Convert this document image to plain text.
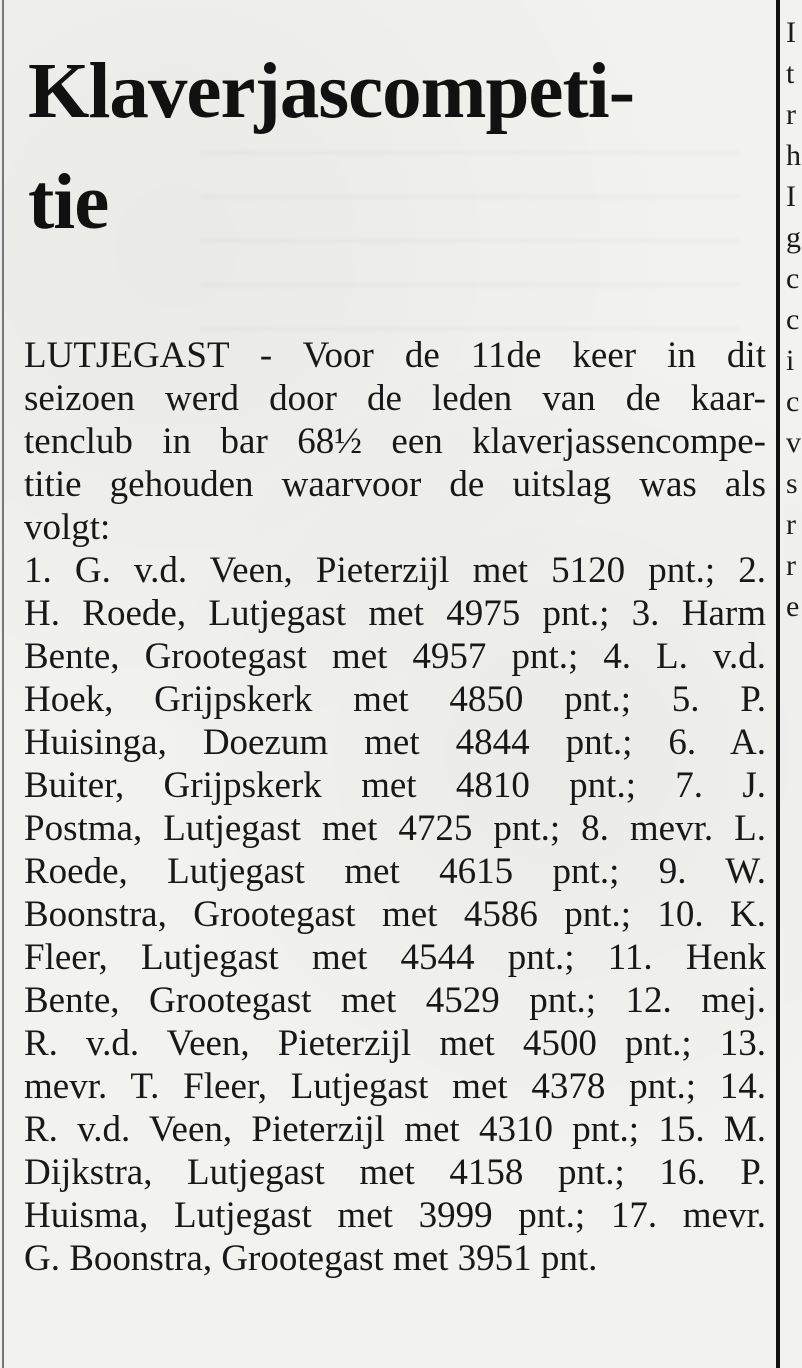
Klaverjascompeti-
tie
LUTJEGAST - Voor de 11de keer in dit
seizoen werd door de leden van de kaar-
tenclub in bar 68½ een klaverjassencompe-
titie gehouden waarvoor de uitslag was als
volgt:
1. G. v.d. Veen, Pieterzijl met 5120 pnt.; 2.
H. Roede, Lutjegast met 4975 pnt.; 3. Harm
Bente, Grootegast met 4957 pnt.; 4. L. v.d.
Hoek, Grijpskerk met 4850 pnt.; 5. P.
Huisinga, Doezum met 4844 pnt.; 6. A.
Buiter, Grijpskerk met 4810 pnt.; 7. J.
Postma, Lutjegast met 4725 pnt.; 8. mevr. L.
Roede, Lutjegast met 4615 pnt.; 9. W.
Boonstra, Grootegast met 4586 pnt.; 10. K.
Fleer, Lutjegast met 4544 pnt.; 11. Henk
Bente, Grootegast met 4529 pnt.; 12. mej.
R. v.d. Veen, Pieterzijl met 4500 pnt.; 13.
mevr. T. Fleer, Lutjegast met 4378 pnt.; 14.
R. v.d. Veen, Pieterzijl met 4310 pnt.; 15. M.
Dijkstra, Lutjegast met 4158 pnt.; 16. P.
Huisma, Lutjegast met 3999 pnt.; 17. mevr.
G. Boonstra, Grootegast met 3951 pnt.
I
t
r
h
I
g
c
c
i
c
v
s
r
r
e
